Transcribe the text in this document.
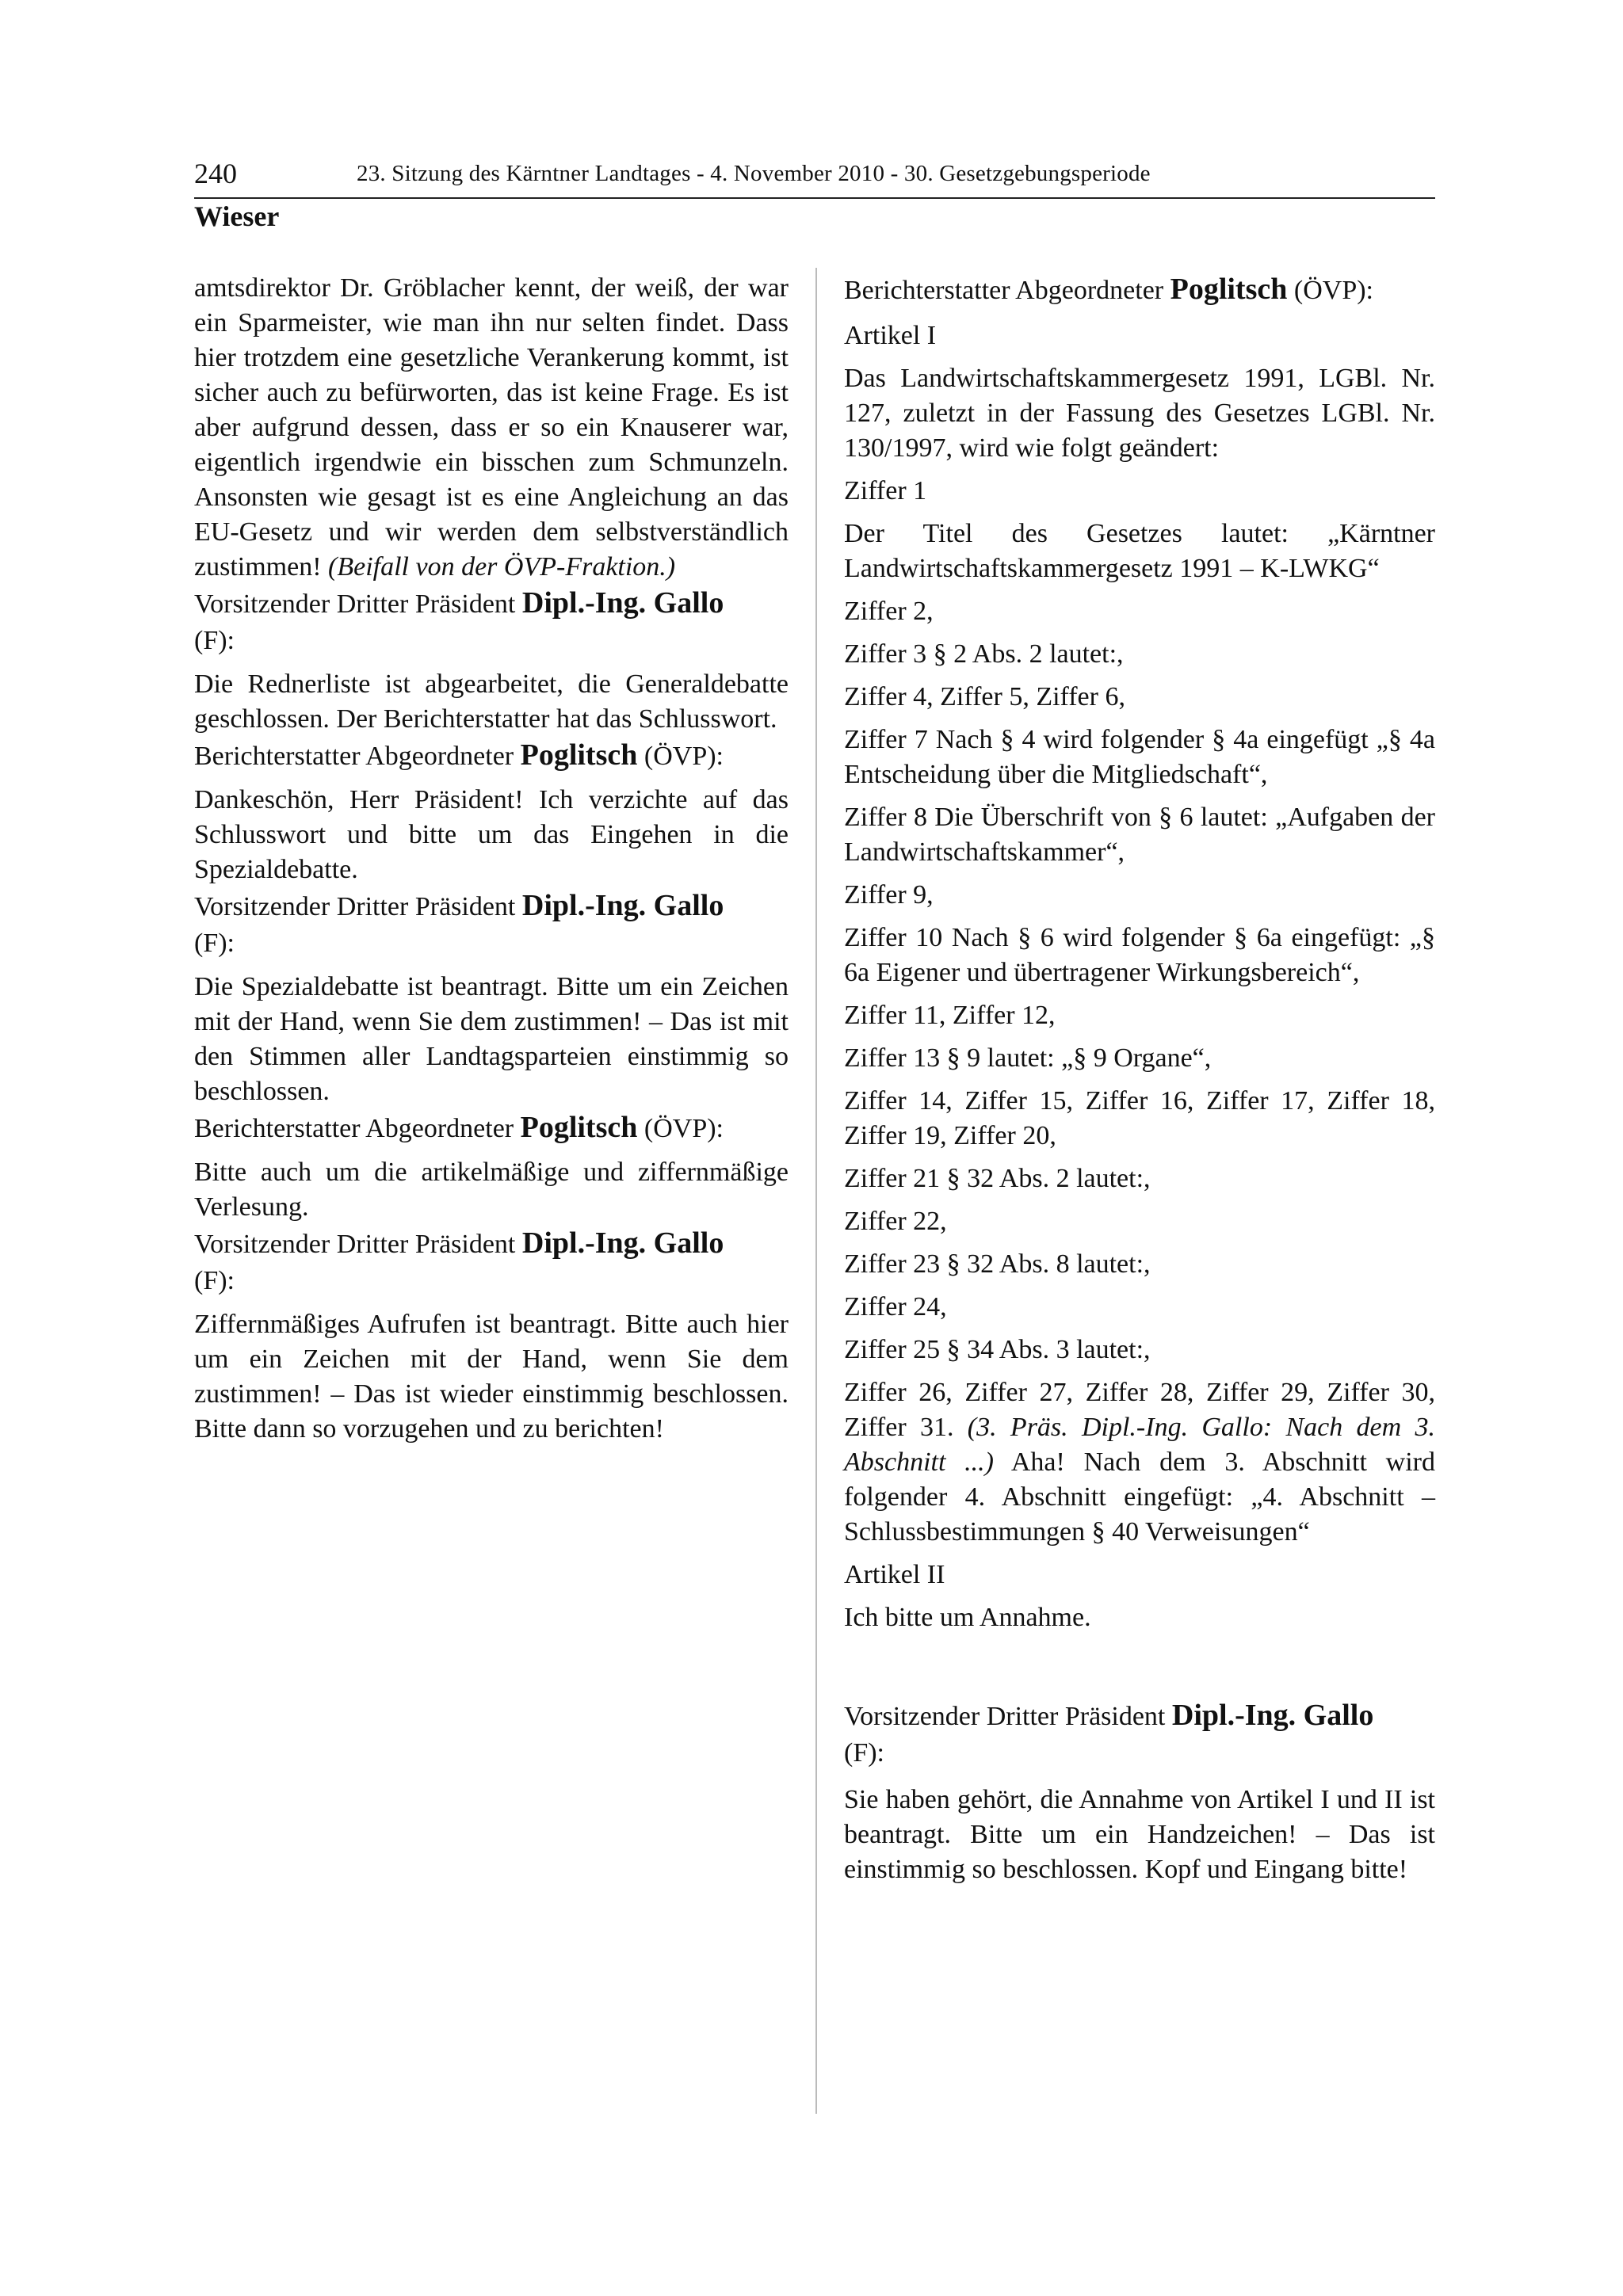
240	23. Sitzung des Kärntner Landtages - 4. November 2010 - 30. Gesetzgebungsperiode
Wieser

amtsdirektor Dr. Gröblacher kennt, der weiß, der war ein Sparmeister, wie man ihn nur selten findet. Dass hier trotzdem eine gesetzliche Verankerung kommt, ist sicher auch zu befürworten, das ist keine Frage. Es ist aber aufgrund dessen, dass er so ein Knauserer war, eigentlich irgendwie ein bisschen zum Schmunzeln. Ansonsten wie gesagt ist es eine Angleichung an das EU-Gesetz und wir werden dem selbstverständlich zustimmen! (Beifall von der ÖVP-Fraktion.)

Vorsitzender Dritter Präsident Dipl.-Ing. Gallo
(F):

Die Rednerliste ist abgearbeitet, die Generaldebatte geschlossen. Der Berichterstatter hat das Schlusswort.

Berichterstatter Abgeordneter Poglitsch (ÖVP):

Dankeschön, Herr Präsident! Ich verzichte auf das Schlusswort und bitte um das Eingehen in die Spezialdebatte.

Vorsitzender Dritter Präsident Dipl.-Ing. Gallo
(F):

Die Spezialdebatte ist beantragt. Bitte um ein Zeichen mit der Hand, wenn Sie dem zustimmen! – Das ist mit den Stimmen aller Landtagsparteien einstimmig so beschlossen.

Berichterstatter Abgeordneter Poglitsch (ÖVP):

Bitte auch um die artikelmäßige und ziffernmäßige Verlesung.

Vorsitzender Dritter Präsident Dipl.-Ing. Gallo
(F):

Ziffernmäßiges Aufrufen ist beantragt. Bitte auch hier um ein Zeichen mit der Hand, wenn Sie dem zustimmen! – Das ist wieder einstimmig beschlossen. Bitte dann so vorzugehen und zu berichten!

Berichterstatter Abgeordneter Poglitsch (ÖVP):

Artikel I

Das Landwirtschaftskammergesetz 1991, LGBl. Nr. 127, zuletzt in der Fassung des Gesetzes LGBl. Nr. 130/1997, wird wie folgt geändert:

Ziffer 1

Der Titel des Gesetzes lautet: „Kärntner Landwirtschaftskammergesetz 1991 – K-LWKG“

Ziffer 2,

Ziffer 3 § 2 Abs. 2 lautet:,

Ziffer 4, Ziffer 5, Ziffer 6,

Ziffer 7 Nach § 4 wird folgender § 4a eingefügt „§ 4a Entscheidung über die Mitgliedschaft“,

Ziffer 8 Die Überschrift von § 6 lautet: „Aufgaben der Landwirtschaftskammer“,

Ziffer 9,

Ziffer 10 Nach § 6 wird folgender § 6a eingefügt: „§ 6a Eigener und übertragener Wirkungsbereich“,

Ziffer 11, Ziffer 12,

Ziffer 13 § 9 lautet: „§ 9 Organe“,

Ziffer 14, Ziffer 15, Ziffer 16, Ziffer 17, Ziffer 18, Ziffer 19, Ziffer 20,

Ziffer 21 § 32 Abs. 2 lautet:,

Ziffer 22,

Ziffer 23 § 32 Abs. 8 lautet:,

Ziffer 24,

Ziffer 25 § 34 Abs. 3 lautet:,

Ziffer 26, Ziffer 27, Ziffer 28, Ziffer 29, Ziffer 30, Ziffer 31. (3. Präs. Dipl.-Ing. Gallo: Nach dem 3. Abschnitt ...) Aha! Nach dem 3. Abschnitt wird folgender 4. Abschnitt eingefügt: „4. Abschnitt – Schlussbestimmungen § 40 Verweisungen“

Artikel II

Ich bitte um Annahme.

Vorsitzender Dritter Präsident Dipl.-Ing. Gallo
(F):

Sie haben gehört, die Annahme von Artikel I und II ist beantragt. Bitte um ein Handzeichen! – Das ist einstimmig so beschlossen. Kopf und Eingang bitte!
